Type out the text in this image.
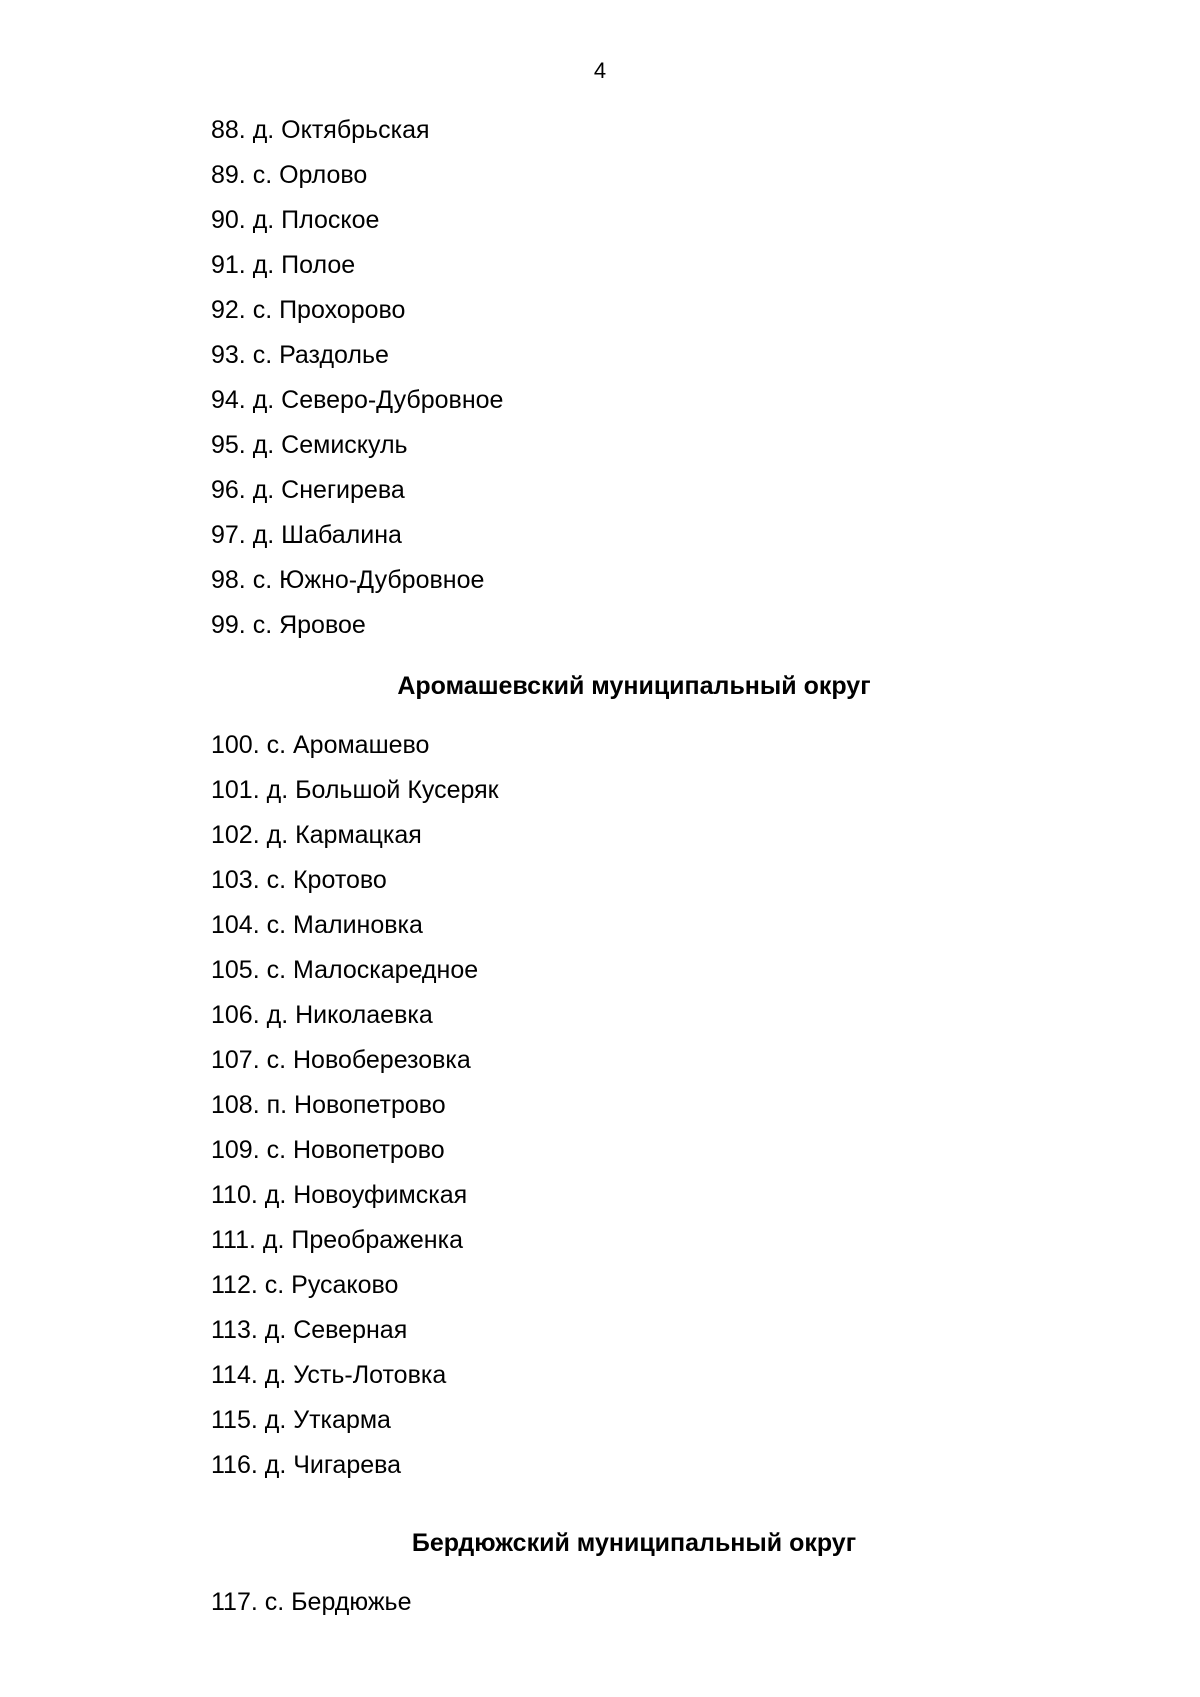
4
88. д. Октябрьская
89. с. Орлово
90. д. Плоское
91. д. Полое
92. с. Прохорово
93. с. Раздолье
94. д. Северо-Дубровное
95. д. Семискуль
96. д. Снегирева
97. д. Шабалина
98. с. Южно-Дубровное
99. с. Яровое
Аромашевский муниципальный округ
100. с. Аромашево
101. д. Большой Кусеряк
102. д. Кармацкая
103. с. Кротово
104. с. Малиновка
105. с. Малоскаредное
106. д. Николаевка
107. с. Новоберезовка
108. п. Новопетрово
109. с. Новопетрово
110. д. Новоуфимская
111. д. Преображенка
112. с. Русаково
113. д. Северная
114. д. Усть-Лотовка
115. д. Уткарма
116. д. Чигарева
Бердюжский муниципальный округ
117. с. Бердюжье
